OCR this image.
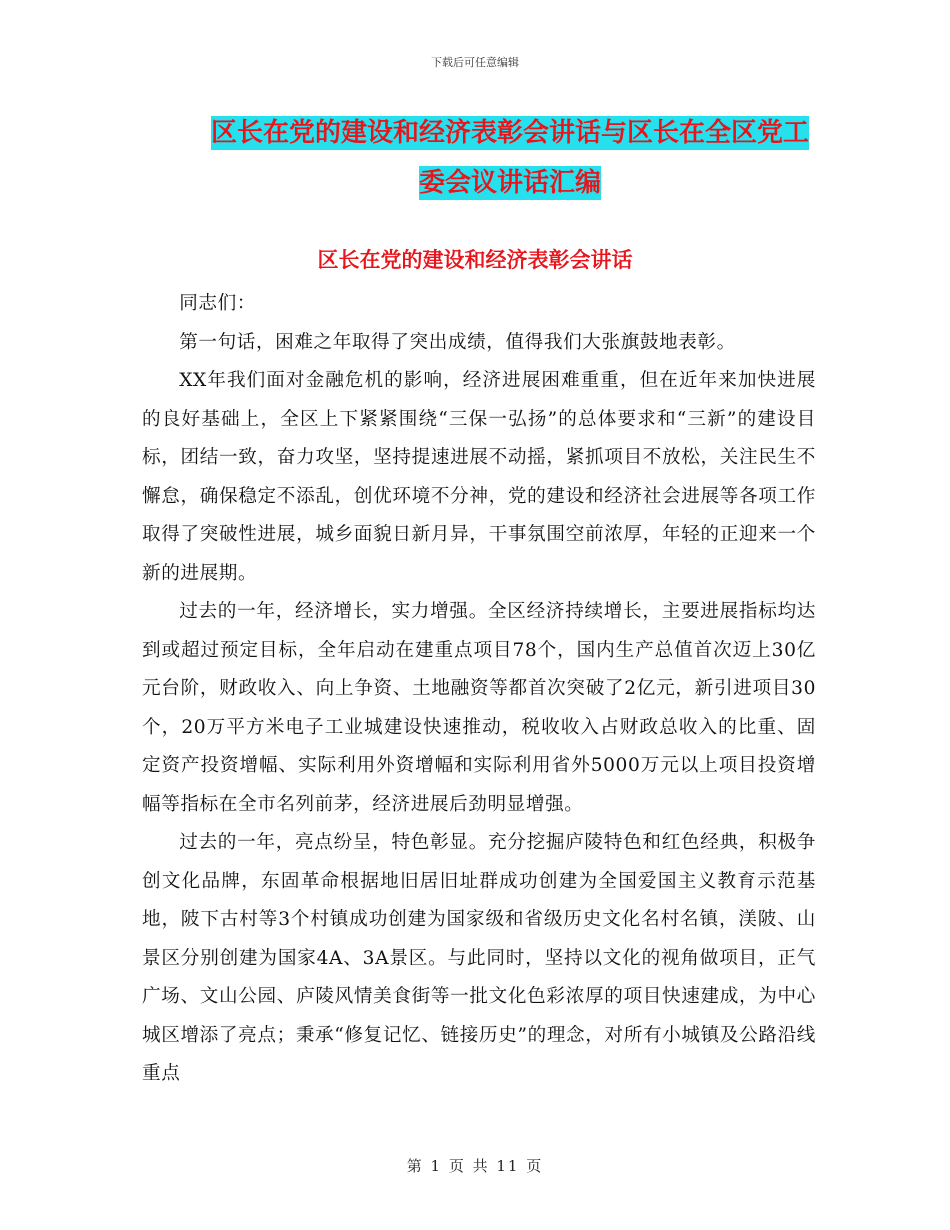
下载后可任意编辑
区长在党的建设和经济表彰会讲话与区长在全区党工
委会议讲话汇编
区长在党的建设和经济表彰会讲话

同志们：

第一句话，困难之年取得了突出成绩，值得我们大张旗鼓地表彰。

XX年我们面对金融危机的影响，经济进展困难重重，但在近年来加快进展的良好基础上，全区上下紧紧围绕“三保一弘扬”的总体要求和“三新”的建设目标，团结一致，奋力攻坚，坚持提速进展不动摇，紧抓项目不放松，关注民生不懈怠，确保稳定不添乱，创优环境不分神，党的建设和经济社会进展等各项工作取得了突破性进展，城乡面貌日新月异，干事氛围空前浓厚，年轻的正迎来一个新的进展期。

过去的一年，经济增长，实力增强。全区经济持续增长，主要进展指标均达到或超过预定目标，全年启动在建重点项目78个，国内生产总值首次迈上30亿元台阶，财政收入、向上争资、土地融资等都首次突破了2亿元，新引进项目30个，20万平方米电子工业城建设快速推动，税收收入占财政总收入的比重、固定资产投资增幅、实际利用外资增幅和实际利用省外5000万元以上项目投资增幅等指标在全市名列前茅，经济进展后劲明显增强。

过去的一年，亮点纷呈，特色彰显。充分挖掘庐陵特色和红色经典，积极争创文化品牌，东固革命根据地旧居旧址群成功创建为全国爱国主义教育示范基地，陂下古村等3个村镇成功创建为国家级和省级历史文化名村名镇，渼陂、山景区分别创建为国家4A、3A景区。与此同时，坚持以文化的视角做项目，正气广场、文山公园、庐陵风情美食街等一批文化色彩浓厚的项目快速建成，为中心城区增添了亮点；秉承“修复记忆、链接历史”的理念，对所有小城镇及公路沿线重点

第 1 页 共 11 页
